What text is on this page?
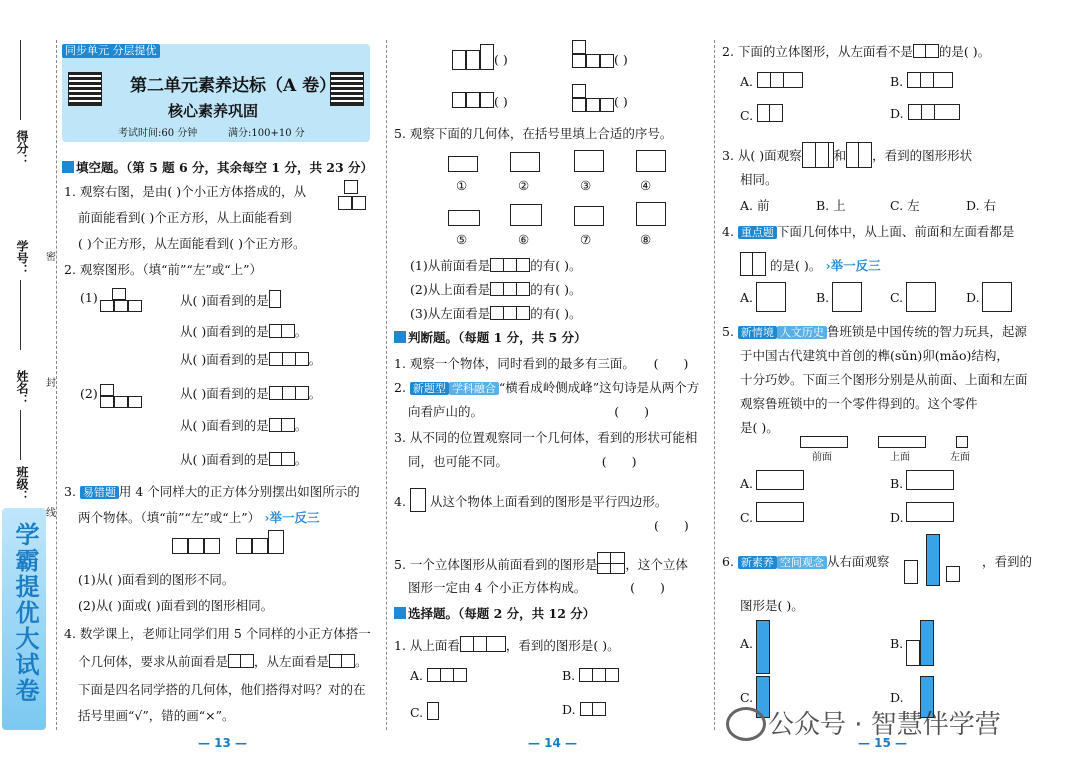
得分：
学号：
姓名：
班级：
密
封
线
学霸提优大试卷
同步单元 分层提优
第二单元素养达标（A 卷）
核心素养巩固
考试时间:60 分钟	满分:100+10 分
填空题。（第 5 题 6 分，其余每空 1 分，共 23 分）
1. 观察右图，是由( )个小正方体搭成的，从
前面能看到( )个正方形，从上面能看到
( )个正方形，从左面能看到( )个正方形。
2. 观察图形。（填“前”“左”或“上”）
(1)	从( )面看到的是
从( )面看到的是 。
从( )面看到的是	。
(2)	从( )面看到的是	。
从( )面看到的是 。
从( )面看到的是 。
3. 易错题 用 4 个同样大的正方体分别摆出如图所示的
两个物体。（填“前”“左”或“上”） ›举一反三
(1)从( )面看到的图形不同。
(2)从( )面或( )面看到的图形相同。
4. 数学课上，老师让同学们用 5 个同样的小正方体搭一
个几何体，要求从前面看是 ，从左面看是 。
下面是四名同学搭的几何体，他们搭得对吗？对的在
括号里画“√”，错的画“×”。
— 13 —
( )	( )
( )	( )
5. 观察下面的几何体，在括号里填上合适的序号。
①	②	③	④
⑤	⑥	⑦	⑧
(1)从前面看是	的有( )。
(2)从上面看是	的有( )。
(3)从左面看是	的有( )。
判断题。（每题 1 分，共 5 分）
1. 观察一个物体，同时看到的最多有三面。　　(　　)
2. 新题型 学科融合 “横看成岭侧成峰”这句诗是从两个方
向看庐山的。　　　　　　　　　　　(　　)
3. 从不同的位置观察同一个几何体，看到的形状可能相
同，也可能不同。　　　　　　　　(　　)
4.  从这个物体上面看到的图形是平行四边形。
(　　)
5. 一个立体图形从前面看到的图形是 ，这个立体
图形一定由 4 个小正方体构成。　　　　(　　)
选择题。（每题 2 分，共 12 分）
1. 从上面看	，看到的图形是( )。
A.	B.
C.	D.
— 14 —
2. 下面的立体图形，从左面看不是 的是( )。
A.	B.
C.	D.
3. 从( )面观察	和 ，看到的图形形状
相同。
A. 前	B. 上	C. 左	D. 右
4. 重点题 下面几何体中，从上面、前面和左面看都是
的是( )。 ›举一反三
A.	B.	C.	D.
5. 新情境 人文历史 鲁班锁是中国传统的智力玩具，起源
于中国古代建筑中首创的榫(sǔn)卯(mǎo)结构，
十分巧妙。下面三个图形分别是从前面、上面和左面
观察鲁班锁中的一个零件得到的。这个零件
是( )。
前面	上面	左面
A.	B.
C.	D.
6. 新素养 空间观念 从右面观察	，看到的
图形是( )。
A.	B.
C.	D.
— 15 —
公众号 · 智慧伴学营
